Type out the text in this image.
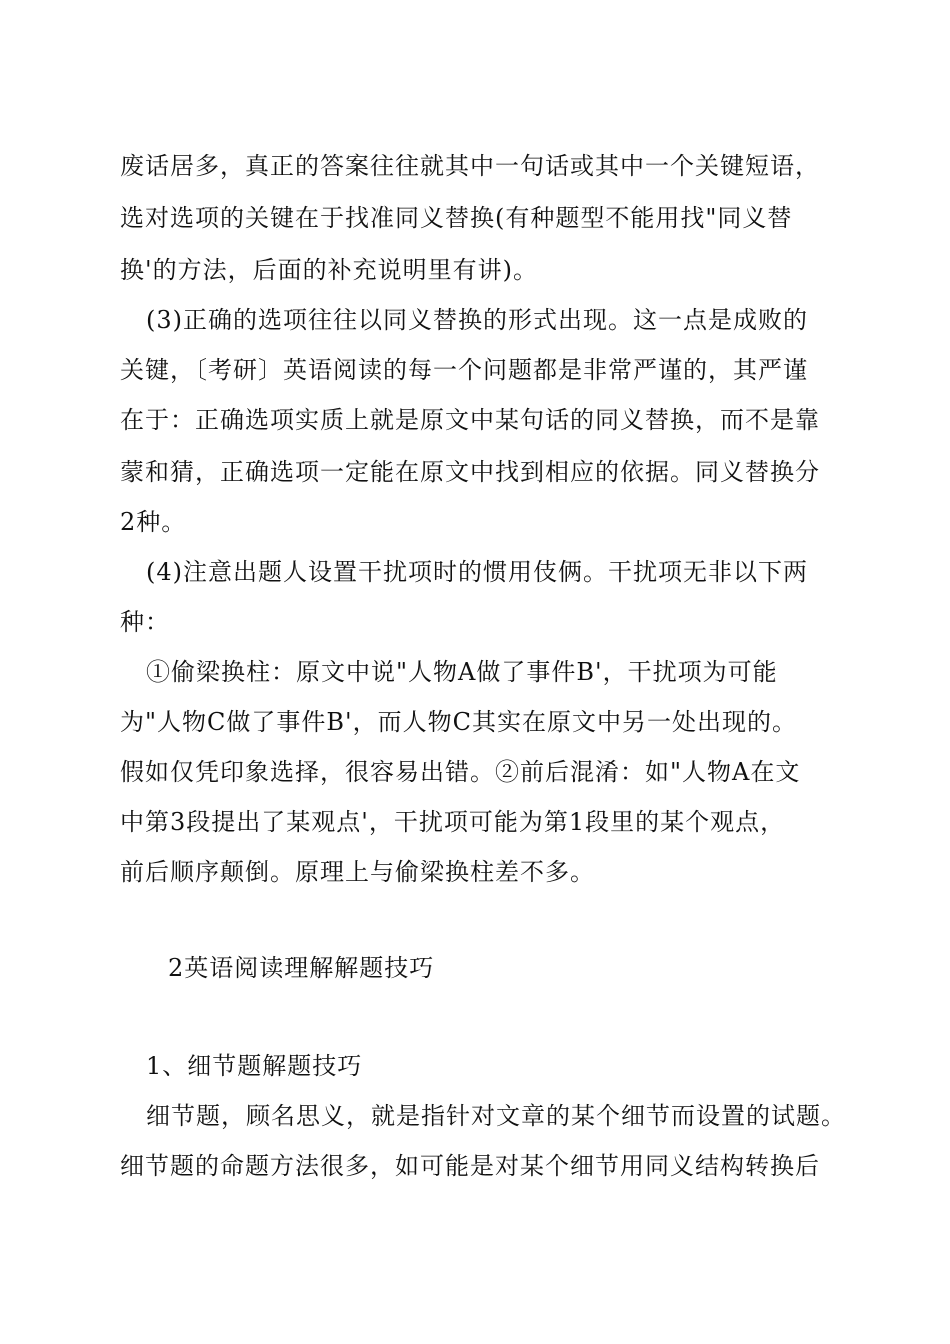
废话居多，真正的答案往往就其中一句话或其中一个关键短语，
选对选项的关键在于找准同义替换(有种题型不能用找"同义替
换'的方法，后面的补充说明里有讲)。
(3)正确的选项往往以同义替换的形式出现。这一点是成败的
关键，〔考研〕英语阅读的每一个问题都是非常严谨的，其严谨
在于：正确选项实质上就是原文中某句话的同义替换，而不是靠
蒙和猜，正确选项一定能在原文中找到相应的依据。同义替换分
2种。
(4)注意出题人设置干扰项时的惯用伎俩。干扰项无非以下两
种：
①偷梁换柱：原文中说"人物A做了事件B'，干扰项为可能
为"人物C做了事件B'，而人物C其实在原文中另一处出现的。
假如仅凭印象选择，很容易出错。②前后混淆：如"人物A在文
中第3段提出了某观点'，干扰项可能为第1段里的某个观点，
前后顺序颠倒。原理上与偷梁换柱差不多。
2英语阅读理解解题技巧
1、细节题解题技巧
细节题，顾名思义，就是指针对文章的某个细节而设置的试题。
细节题的命题方法很多，如可能是对某个细节用同义结构转换后
